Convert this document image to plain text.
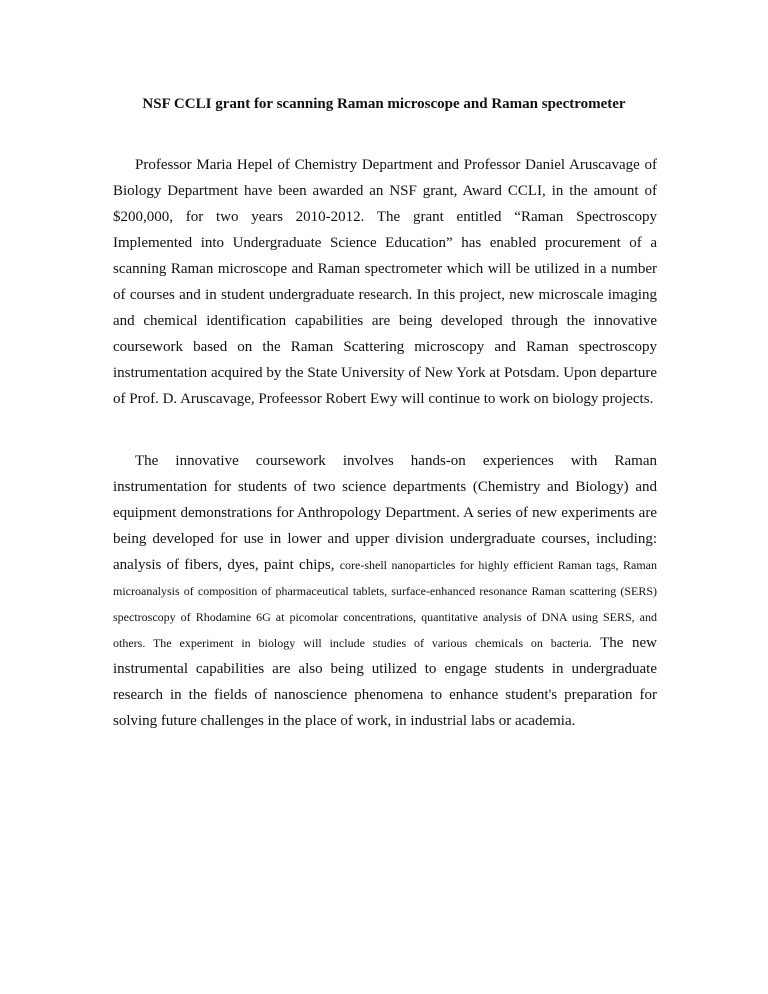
NSF CCLI grant for scanning Raman microscope and Raman spectrometer

Professor Maria Hepel of Chemistry Department and Professor Daniel Aruscavage of Biology Department have been awarded an NSF grant, Award CCLI, in the amount of $200,000, for two years 2010-2012. The grant entitled “Raman Spectroscopy Implemented into Undergraduate Science Education” has enabled procurement of a scanning Raman microscope and Raman spectrometer which will be utilized in a number of courses and in student undergraduate research. In this project, new microscale imaging and chemical identification capabilities are being developed through the innovative coursework based on the Raman Scattering microscopy and Raman spectroscopy instrumentation acquired by the State University of New York at Potsdam. Upon departure of Prof. D. Aruscavage, Profeessor Robert Ewy will continue to work on biology projects.

The innovative coursework involves hands-on experiences with Raman instrumentation for students of two science departments (Chemistry and Biology) and equipment demonstrations for Anthropology Department. A series of new experiments are being developed for use in lower and upper division undergraduate courses, including: analysis of fibers, dyes, paint chips, core-shell nanoparticles for highly efficient Raman tags, Raman microanalysis of composition of pharmaceutical tablets, surface-enhanced resonance Raman scattering (SERS) spectroscopy of Rhodamine 6G at picomolar concentrations, quantitative analysis of DNA using SERS, and others. The experiment in biology will include studies of various chemicals on bacteria. The new instrumental capabilities are also being utilized to engage students in undergraduate research in the fields of nanoscience phenomena to enhance student's preparation for solving future challenges in the place of work, in industrial labs or academia.
